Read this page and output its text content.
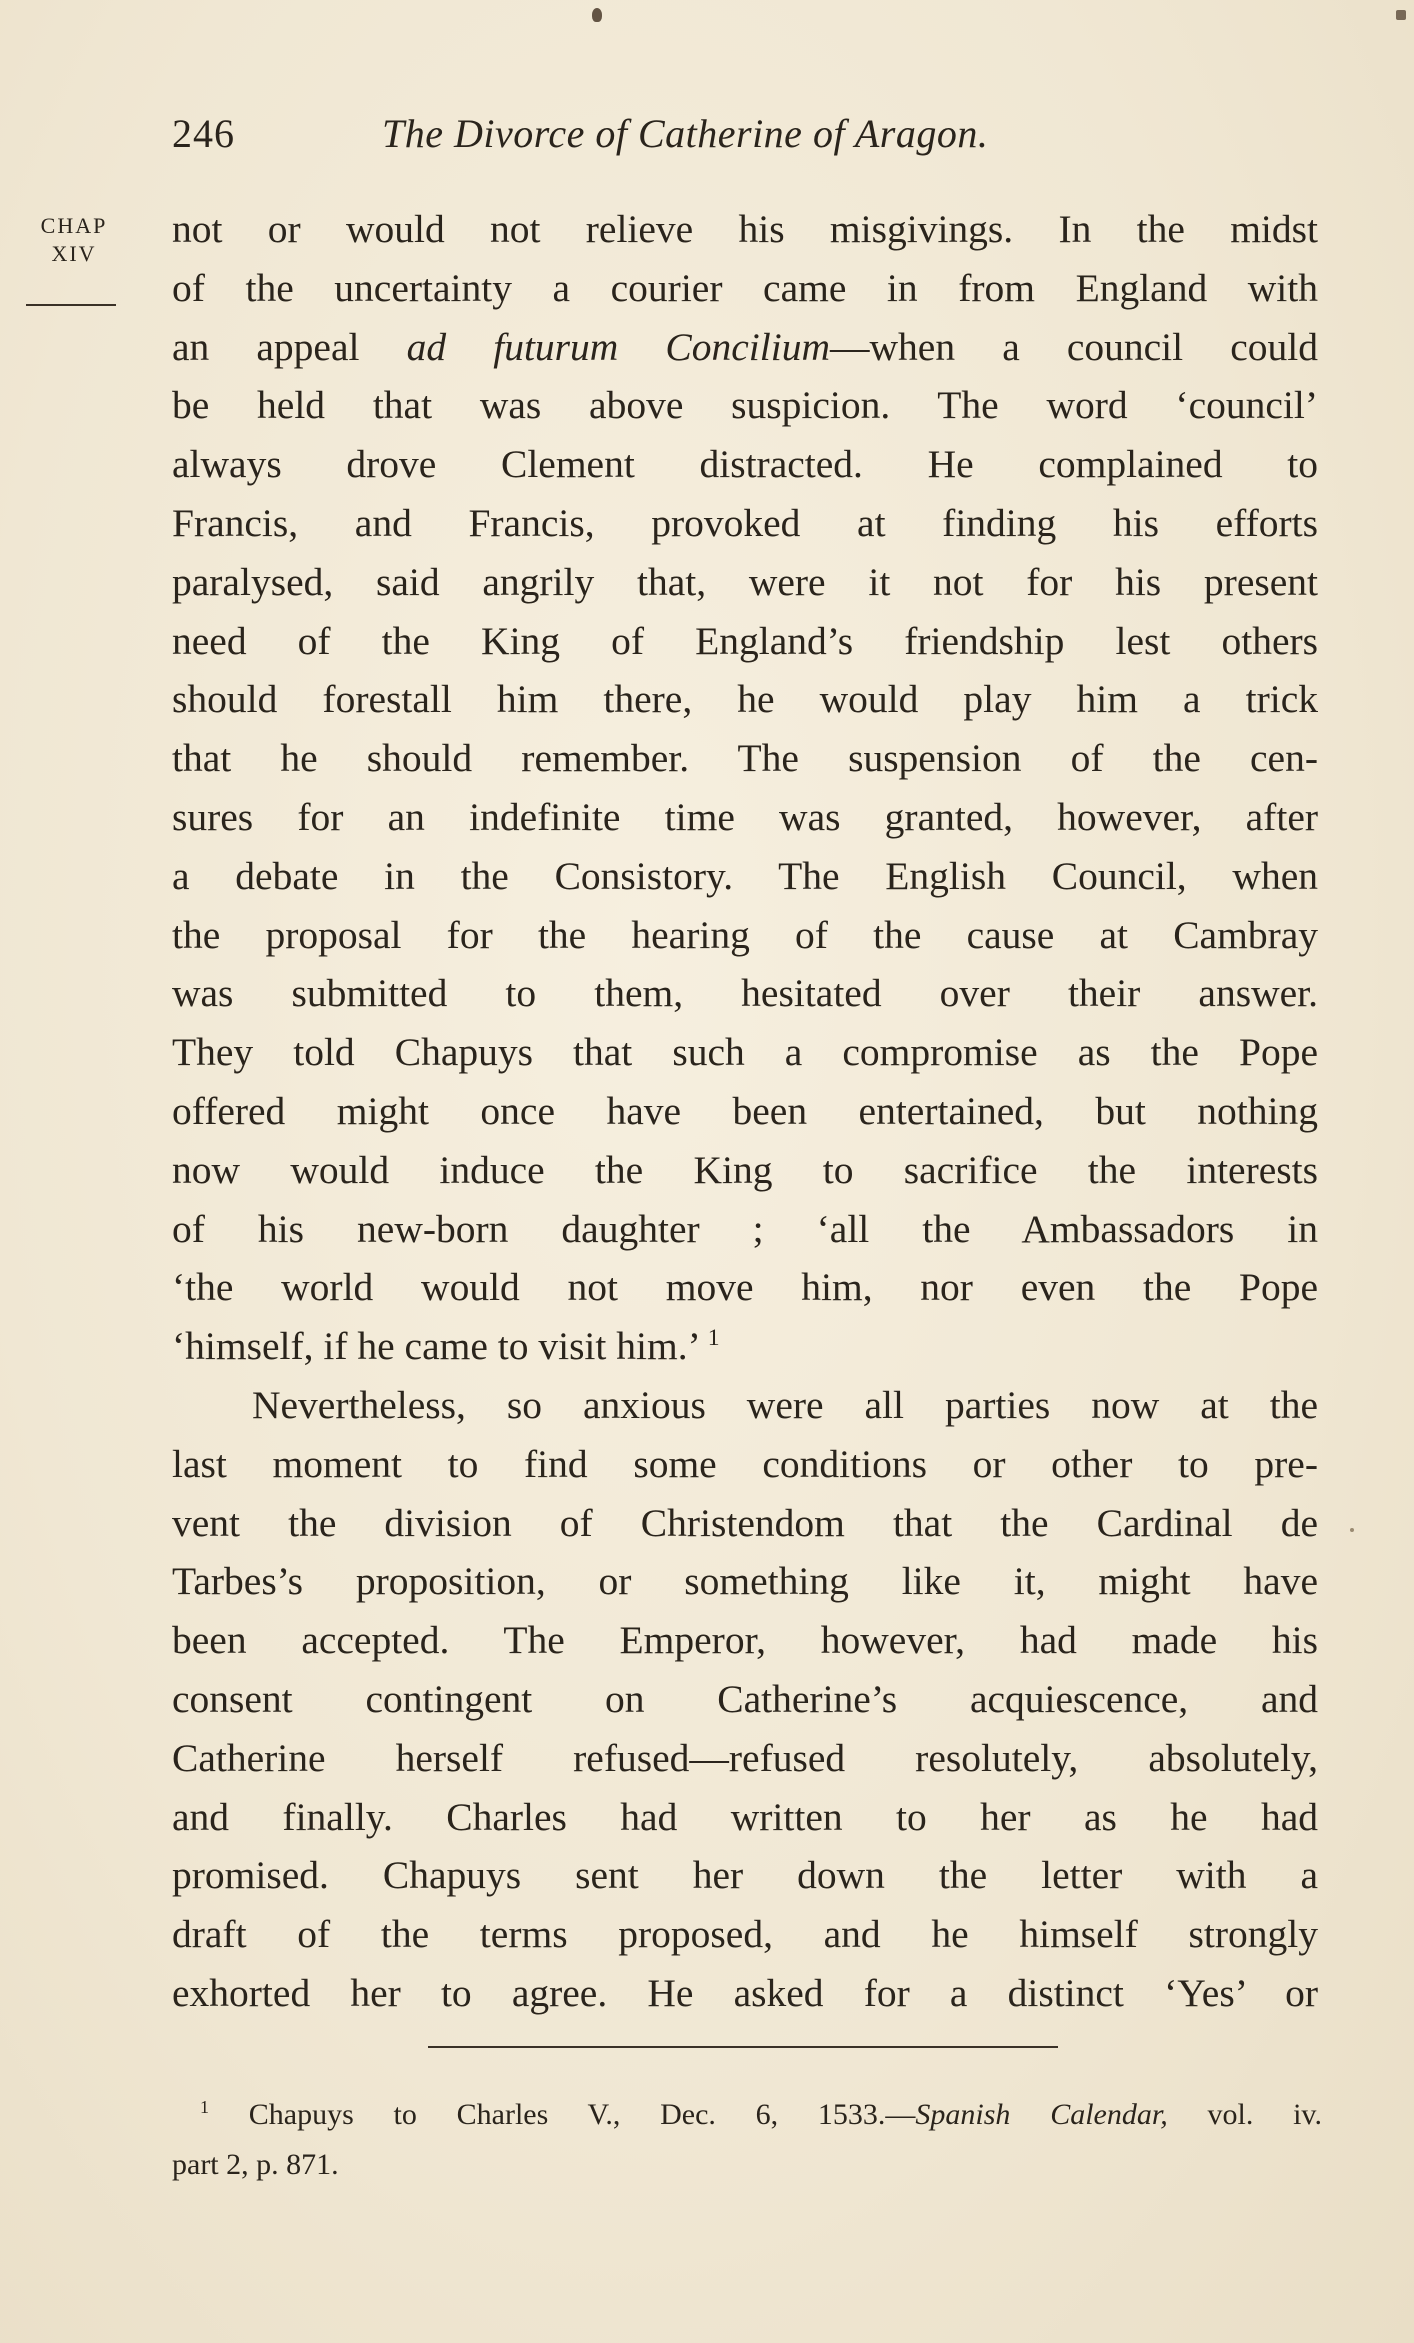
246	The Divorce of Catherine of Aragon.
CHAP
XIV
not or would not relieve his misgivings. In the midst
of the uncertainty a courier came in from England with
an appeal ad futurum Concilium—when a council could
be held that was above suspicion. The word ‘council’
always drove Clement distracted. He complained to
Francis, and Francis, provoked at finding his efforts
paralysed, said angrily that, were it not for his present
need of the King of England’s friendship lest others
should forestall him there, he would play him a trick
that he should remember. The suspension of the cen-
sures for an indefinite time was granted, however, after
a debate in the Consistory. The English Council, when
the proposal for the hearing of the cause at Cambray
was submitted to them, hesitated over their answer.
They told Chapuys that such a compromise as the Pope
offered might once have been entertained, but nothing
now would induce the King to sacrifice the interests
of his new-born daughter ; ‘all the Ambassadors in
‘the world would not move him, nor even the Pope
‘himself, if he came to visit him.’ $^1$
Nevertheless, so anxious were all parties now at the
last moment to find some conditions or other to pre-
vent the division of Christendom that the Cardinal de
Tarbes’s proposition, or something like it, might have
been accepted. The Emperor, however, had made his
consent contingent on Catherine’s acquiescence, and
Catherine herself refused—refused resolutely, absolutely,
and finally. Charles had written to her as he had
promised. Chapuys sent her down the letter with a
draft of the terms proposed, and he himself strongly
exhorted her to agree. He asked for a distinct ‘Yes’ or
$^1$ Chapuys to Charles V., Dec. 6, 1533.—Spanish Calendar, vol. iv.
part 2, p. 871.
